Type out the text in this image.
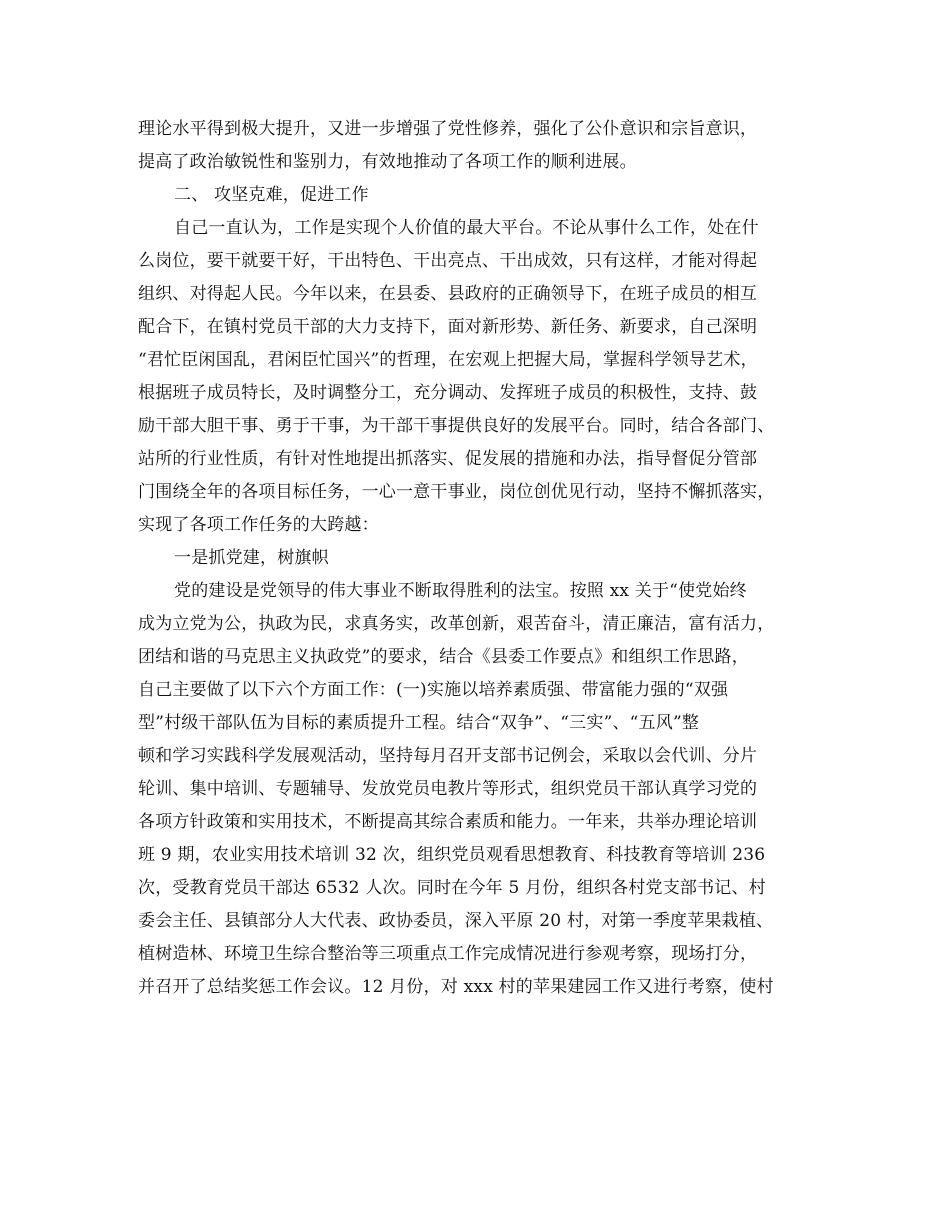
理论水平得到极大提升，又进一步增强了党性修养，强化了公仆意识和宗旨意识，
提高了政治敏锐性和鉴别力，有效地推动了各项工作的顺利进展。
二、 攻坚克难，促进工作
自己一直认为，工作是实现个人价值的最大平台。不论从事什么工作，处在什
么岗位，要干就要干好，干出特色、干出亮点、干出成效，只有这样，才能对得起
组织、对得起人民。今年以来，在县委、县政府的正确领导下，在班子成员的相互
配合下，在镇村党员干部的大力支持下，面对新形势、新任务、新要求，自己深明
“君忙臣闲国乱，君闲臣忙国兴”的哲理，在宏观上把握大局，掌握科学领导艺术，
根据班子成员特长，及时调整分工，充分调动、发挥班子成员的积极性，支持、鼓
励干部大胆干事、勇于干事，为干部干事提供良好的发展平台。同时，结合各部门、
站所的行业性质，有针对性地提出抓落实、促发展的措施和办法，指导督促分管部
门围绕全年的各项目标任务，一心一意干事业，岗位创优见行动，坚持不懈抓落实，
实现了各项工作任务的大跨越：
一是抓党建，树旗帜
党的建设是党领导的伟大事业不断取得胜利的法宝。按照 xx 关于“使党始终
成为立党为公，执政为民，求真务实，改革创新，艰苦奋斗，清正廉洁，富有活力，
团结和谐的马克思主义执政党”的要求，结合《县委工作要点》和组织工作思路，
自己主要做了以下六个方面工作：(一)实施以培养素质强、带富能力强的“双强
型”村级干部队伍为目标的素质提升工程。结合“双争”、“三实”、“五风”整
顿和学习实践科学发展观活动，坚持每月召开支部书记例会，采取以会代训、分片
轮训、集中培训、专题辅导、发放党员电教片等形式，组织党员干部认真学习党的
各项方针政策和实用技术，不断提高其综合素质和能力。一年来，共举办理论培训
班 9 期，农业实用技术培训 32 次，组织党员观看思想教育、科技教育等培训 236
次，受教育党员干部达 6532 人次。同时在今年 5 月份，组织各村党支部书记、村
委会主任、县镇部分人大代表、政协委员，深入平原 20 村，对第一季度苹果栽植、
植树造林、环境卫生综合整治等三项重点工作完成情况进行参观考察，现场打分，
并召开了总结奖惩工作会议。12 月份，对 xxx 村的苹果建园工作又进行考察，使村
